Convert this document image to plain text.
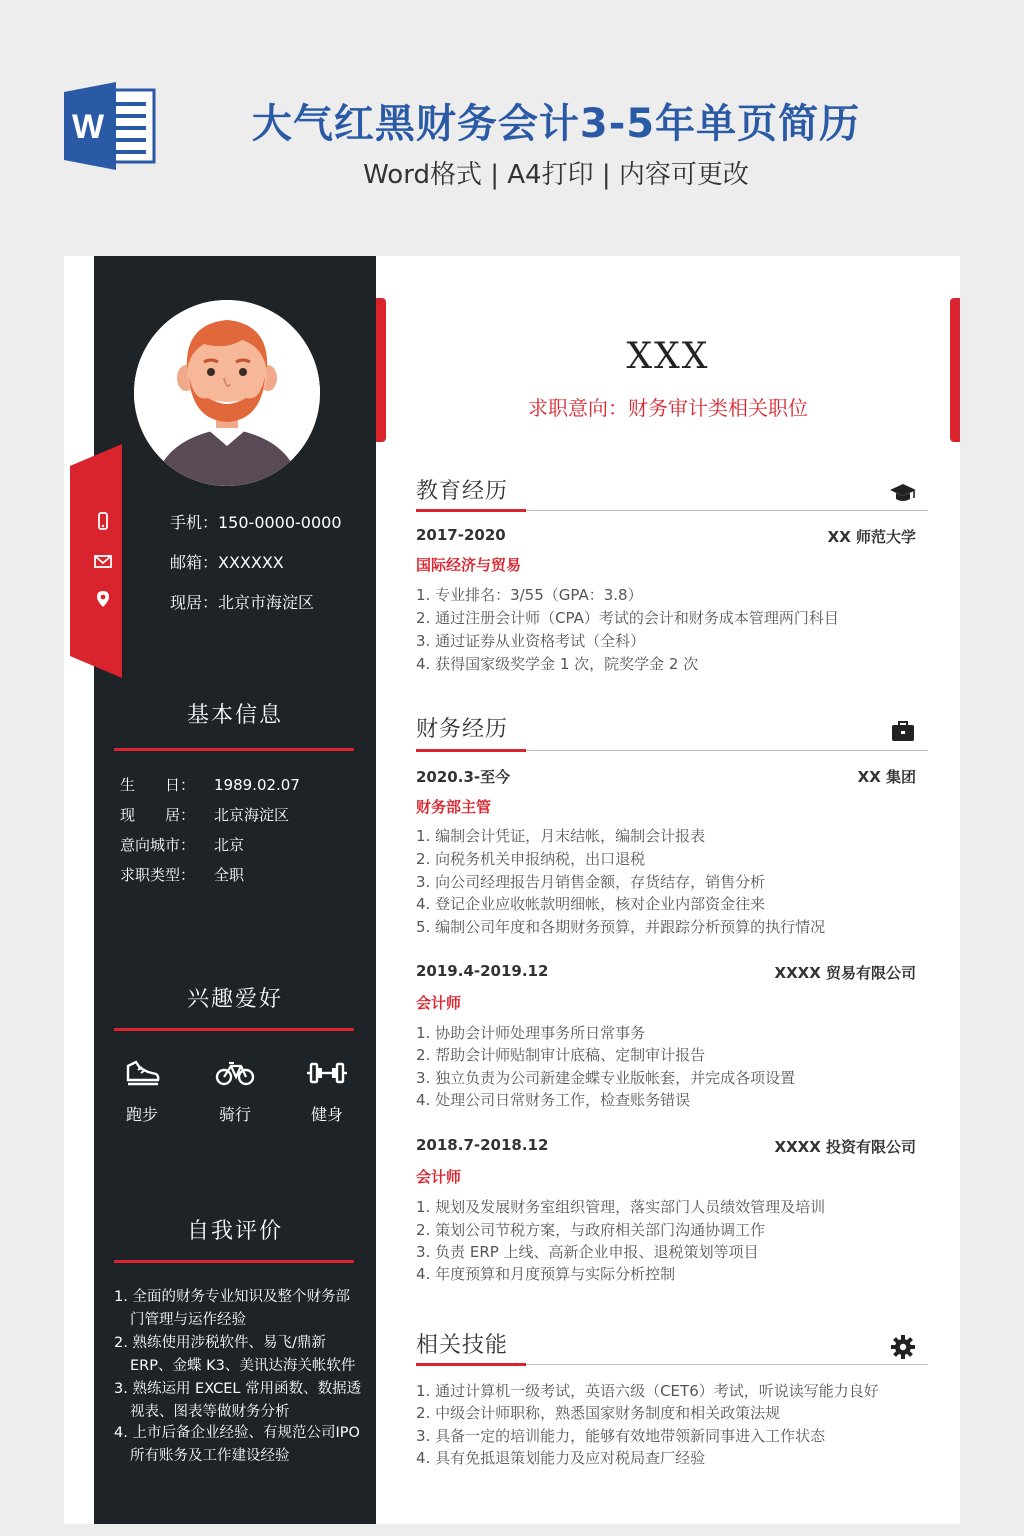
W	大气红黑财务会计3-5年单页简历
Word格式 | A4打印 | 内容可更改
手机：150-0000-0000
邮箱：XXXXXX
现居：北京市海淀区
基本信息
生　　日： 1989.02.07
现　　居： 北京海淀区
意向城市： 北京
求职类型： 全职
兴趣爱好
跑步	骑行	健身
自我评价
1. 全面的财务专业知识及整个财务部门管理与运作经验
2. 熟练使用涉税软件、易飞/鼎新ERP、金蝶 K3、美讯达海关帐软件
3. 熟练运用 EXCEL 常用函数、数据透视表、图表等做财务分析
4. 上市后备企业经验、有规范公司IPO 所有账务及工作建设经验
XXX
求职意向：财务审计类相关职位
教育经历
2017-2020	XX 师范大学
国际经济与贸易
1. 专业排名：3/55（GPA：3.8）
2. 通过注册会计师（CPA）考试的会计和财务成本管理两门科目
3. 通过证券从业资格考试（全科）
4. 获得国家级奖学金 1 次，院奖学金 2 次
财务经历
2020.3-至今	XX 集团
财务部主管
1. 编制会计凭证，月末结帐，编制会计报表
2. 向税务机关申报纳税，出口退税
3. 向公司经理报告月销售金额，存货结存，销售分析
4. 登记企业应收帐款明细帐，核对企业内部资金往来
5. 编制公司年度和各期财务预算，并跟踪分析预算的执行情况
2019.4-2019.12	XXXX 贸易有限公司
会计师
1. 协助会计师处理事务所日常事务
2. 帮助会计师贴制审计底稿、定制审计报告
3. 独立负责为公司新建金蝶专业版帐套，并完成各项设置
4. 处理公司日常财务工作，检查账务错误
2018.7-2018.12	XXXX 投资有限公司
会计师
1. 规划及发展财务室组织管理，落实部门人员绩效管理及培训
2. 策划公司节税方案，与政府相关部门沟通协调工作
3. 负责 ERP 上线、高新企业申报、退税策划等项目
4. 年度预算和月度预算与实际分析控制
相关技能
1. 通过计算机一级考试，英语六级（CET6）考试，听说读写能力良好
2. 中级会计师职称，熟悉国家财务制度和相关政策法规
3. 具备一定的培训能力，能够有效地带领新同事进入工作状态
4. 具有免抵退策划能力及应对税局查厂经验
